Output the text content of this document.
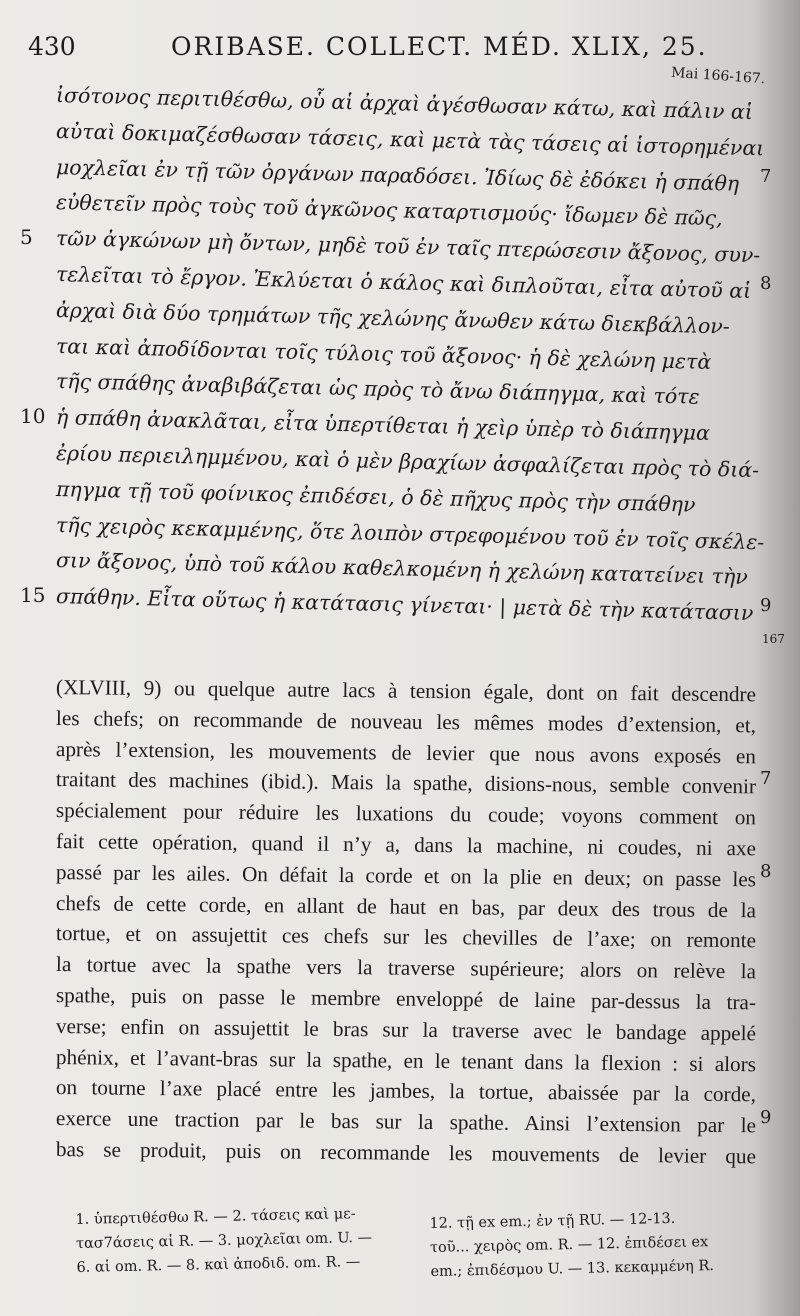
430	ORIBASE. COLLECT. MÉD. XLIX, 25.
Mai 166-167.
ἰσότονος περιτιθέσθω, οὗ αἱ ἀρχαὶ ἀγέσθωσαν κάτω, καὶ πάλιν αἱ
αὐταὶ δοκιμαζέσθωσαν τάσεις, καὶ μετὰ τὰς τάσεις αἱ ἱστορημέναι
μοχλεῖαι ἐν τῇ τῶν ὀργάνων παραδόσει. Ἰδίως δὲ ἐδόκει ἡ σπάθη	7
εὐθετεῖν πρὸς τοὺς τοῦ ἀγκῶνος καταρτισμούς· ἴδωμεν δὲ πῶς,
τῶν ἀγκώνων μὴ ὄντων, μηδὲ τοῦ ἐν ταῖς πτερώσεσιν ἄξονος, συν-
5
τελεῖται τὸ ἔργον. Ἐκλύεται ὁ κάλος καὶ διπλοῦται, εἶτα αὐτοῦ αἱ 8
ἀρχαὶ διὰ δύο τρημάτων τῆς χελώνης ἄνωθεν κάτω διεκβάλλον-
ται καὶ ἀποδίδονται τοῖς τύλοις τοῦ ἄξονος· ἡ δὲ χελώνη μετὰ
τῆς σπάθης ἀναβιβάζεται ὡς πρὸς τὸ ἄνω διάπηγμα, καὶ τότε
ἡ σπάθη ἀνακλᾶται, εἶτα ὑπερτίθεται ἡ χεὶρ ὑπὲρ τὸ διάπηγμα
10
ἐρίου περιειλημμένου, καὶ ὁ μὲν βραχίων ἀσφαλίζεται πρὸς τὸ διά-
πηγμα τῇ τοῦ φοίνικος ἐπιδέσει, ὁ δὲ πῆχυς πρὸς τὴν σπάθην
τῆς χειρὸς κεκαμμένης, ὅτε λοιπὸν στρεφομένου τοῦ ἐν τοῖς σκέλε-
σιν ἄξονος, ὑπὸ τοῦ κάλου καθελκομένη ἡ χελώνη κατατείνει τὴν
σπάθην. Εἶτα οὕτως ἡ κατάτασις γίνεται· | μετὰ δὲ τὴν κατάτασιν
15	9
167
(XLVIII, 9) ou quelque autre lacs à tension égale, dont on fait descendre
les chefs; on recommande de nouveau les mêmes modes d’extension, et,
après l’extension, les mouvements de levier que nous avons exposés en
traitant des machines (ibid.). Mais la spathe, disions-nous, semble convenir 7
spécialement pour réduire les luxations du coude; voyons comment on
fait cette opération, quand il n’y a, dans la machine, ni coudes, ni axe
passé par les ailes. On défait la corde et on la plie en deux; on passe les 8
chefs de cette corde, en allant de haut en bas, par deux des trous de la
tortue, et on assujettit ces chefs sur les chevilles de l’axe; on remonte
la tortue avec la spathe vers la traverse supérieure; alors on relève la
spathe, puis on passe le membre enveloppé de laine par-dessus la tra-
verse; enfin on assujettit le bras sur la traverse avec le bandage appelé
phénix, et l’avant-bras sur la spathe, en le tenant dans la flexion : si alors
on tourne l’axe placé entre les jambes, la tortue, abaissée par la corde,
exerce une traction par le bas sur la spathe. Ainsi l’extension par le 9
bas se produit, puis on recommande les mouvements de levier que
1. ὑπερτιθέσθω R. — 2. τάσεις καὶ με-
τασ7άσεις αἱ R. — 3. μοχλεῖαι om. U. —
6. αἱ om. R. — 8. καὶ ἀποδιδ. om. R. —
12. τῇ ex em.; ἐν τῇ RU. — 12-13.
τοῦ... χειρὸς om. R. — 12. ἐπιδέσει ex
em.; ἐπιδέσμου U. — 13. κεκαμμένη R.
